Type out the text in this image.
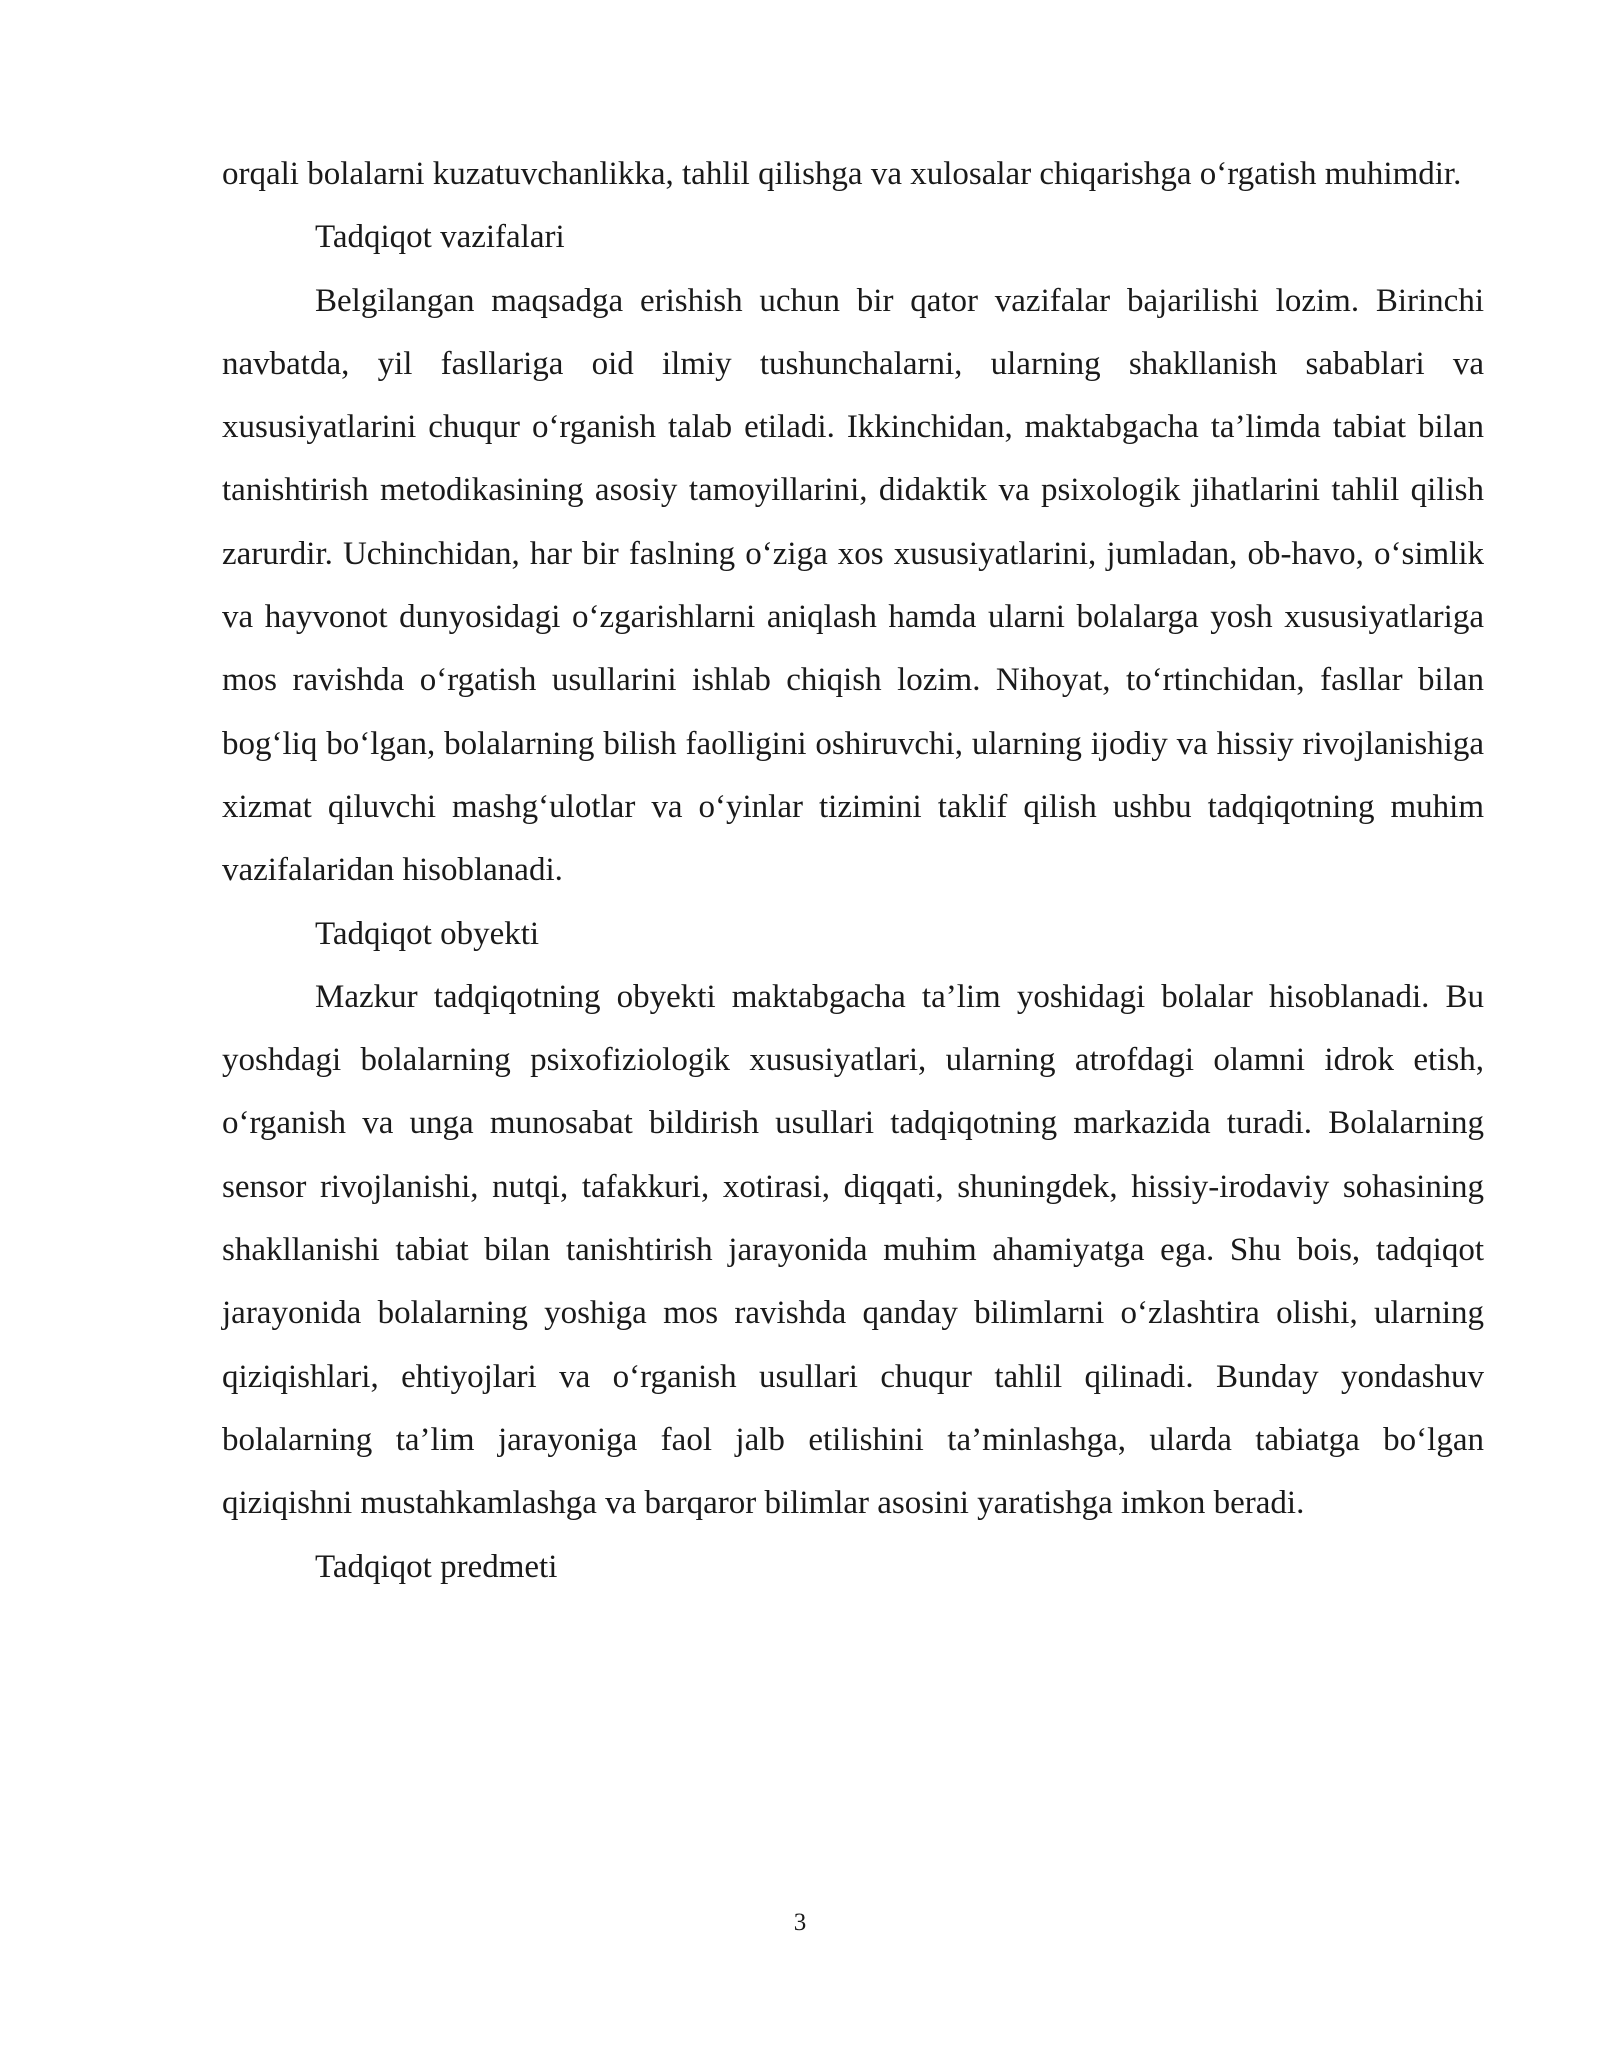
orqali bolalarni kuzatuvchanlikka, tahlil qilishga va xulosalar chiqarishga o‘rgatish muhimdir.

Tadqiqot vazifalari

Belgilangan maqsadga erishish uchun bir qator vazifalar bajarilishi lozim. Birinchi navbatda, yil fasllariga oid ilmiy tushunchalarni, ularning shakllanish sabablari va xususiyatlarini chuqur o‘rganish talab etiladi. Ikkinchidan, maktabgacha ta’limda tabiat bilan tanishtirish metodikasining asosiy tamoyillarini, didaktik va psixologik jihatlarini tahlil qilish zarurdir. Uchinchidan, har bir faslning o‘ziga xos xususiyatlarini, jumladan, ob-havo, o‘simlik va hayvonot dunyosidagi o‘zgarishlarni aniqlash hamda ularni bolalarga yosh xususiyatlariga mos ravishda o‘rgatish usullarini ishlab chiqish lozim. Nihoyat, to‘rtinchidan, fasllar bilan bog‘liq bo‘lgan, bolalarning bilish faolligini oshiruvchi, ularning ijodiy va hissiy rivojlanishiga xizmat qiluvchi mashg‘ulotlar va o‘yinlar tizimini taklif qilish ushbu tadqiqotning muhim vazifalaridan hisoblanadi.

Tadqiqot obyekti

Mazkur tadqiqotning obyekti maktabgacha ta’lim yoshidagi bolalar hisoblanadi. Bu yoshdagi bolalarning psixofiziologik xususiyatlari, ularning atrofdagi olamni idrok etish, o‘rganish va unga munosabat bildirish usullari tadqiqotning markazida turadi. Bolalarning sensor rivojlanishi, nutqi, tafakkuri, xotirasi, diqqati, shuningdek, hissiy-irodaviy sohasining shakllanishi tabiat bilan tanishtirish jarayonida muhim ahamiyatga ega. Shu bois, tadqiqot jarayonida bolalarning yoshiga mos ravishda qanday bilimlarni o‘zlashtira olishi, ularning qiziqishlari, ehtiyojlari va o‘rganish usullari chuqur tahlil qilinadi. Bunday yondashuv bolalarning ta’lim jarayoniga faol jalb etilishini ta’minlashga, ularda tabiatga bo‘lgan qiziqishni mustahkamlashga va barqaror bilimlar asosini yaratishga imkon beradi.

Tadqiqot predmeti

3
